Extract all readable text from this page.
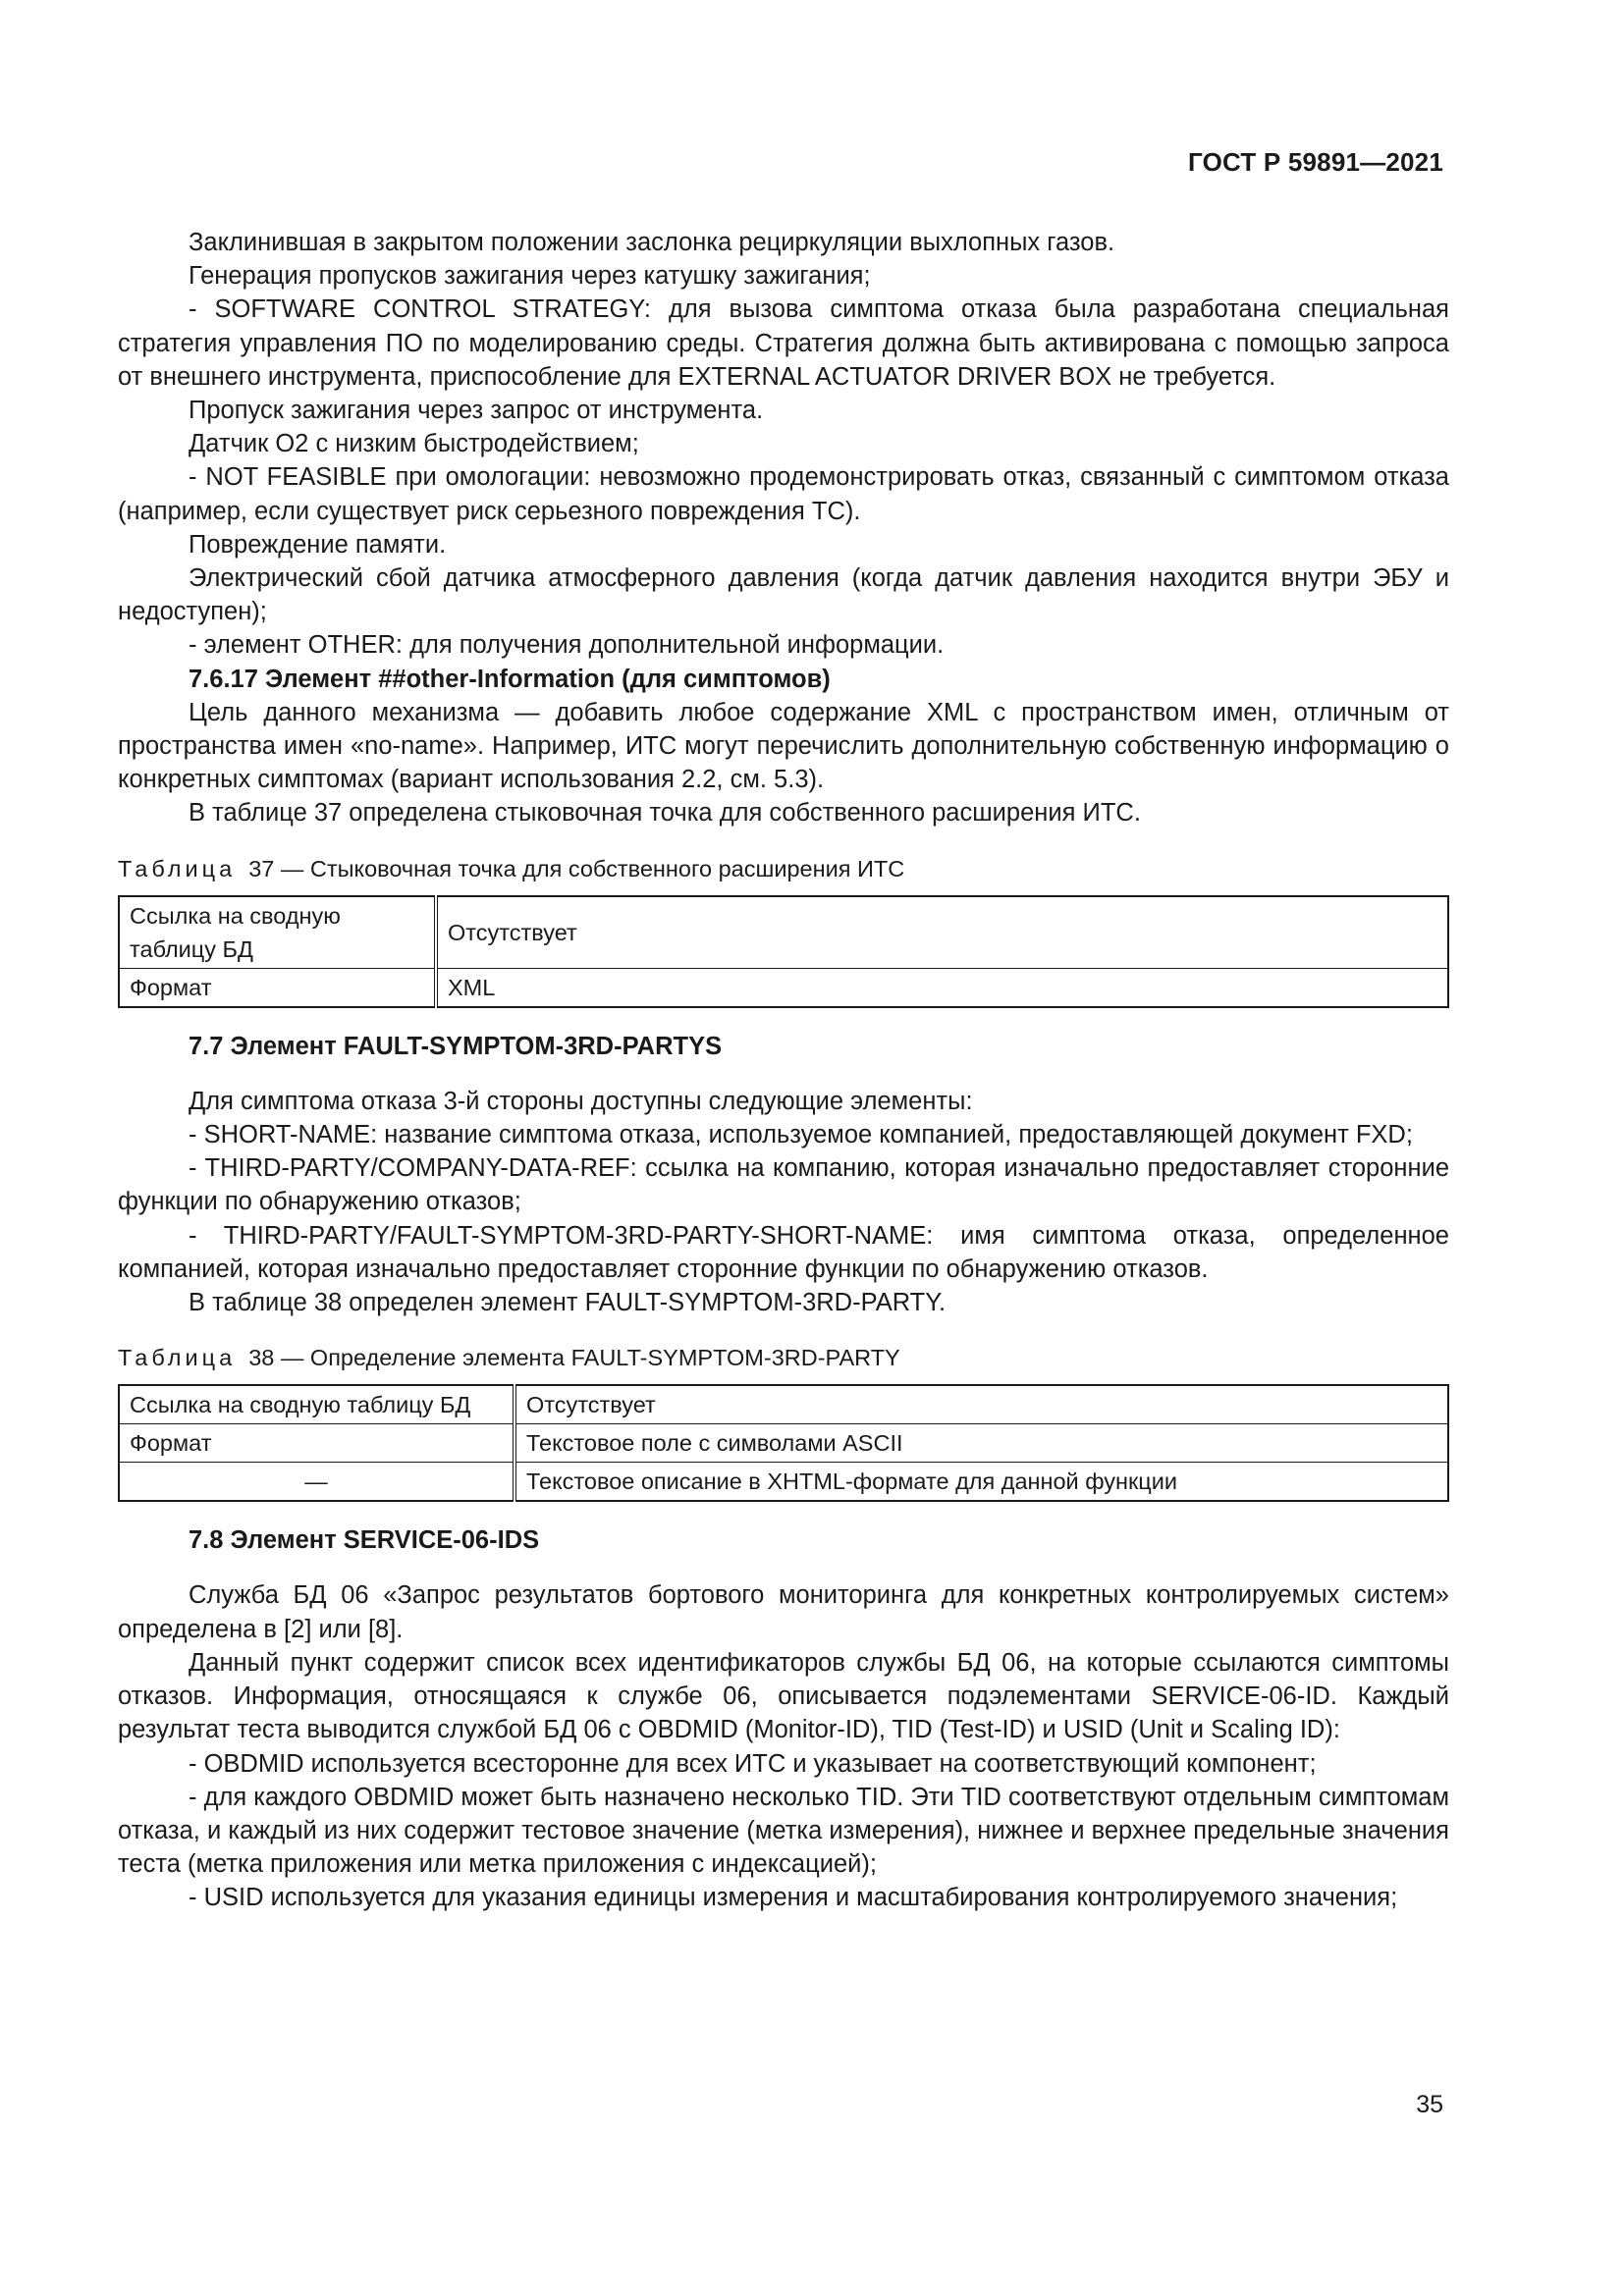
ГОСТ Р 59891—2021

Заклинившая в закрытом положении заслонка рециркуляции выхлопных газов.

Генерация пропусков зажигания через катушку зажигания;

- SOFTWARE CONTROL STRATEGY: для вызова симптома отказа была разработана специальная стратегия управления ПО по моделированию среды. Стратегия должна быть активирована с помощью запроса от внешнего инструмента, приспособление для EXTERNAL ACTUATOR DRIVER BOX не требуется.

Пропуск зажигания через запрос от инструмента.

Датчик O2 с низким быстродействием;

- NOT FEASIBLE при омологации: невозможно продемонстрировать отказ, связанный с симптомом отказа (например, если существует риск серьезного повреждения ТС).

Повреждение памяти.

Электрический сбой датчика атмосферного давления (когда датчик давления находится внутри ЭБУ и недоступен);

- элемент OTHER: для получения дополнительной информации.

7.6.17 Элемент ##other-Information (для симптомов)

Цель данного механизма — добавить любое содержание XML с пространством имен, отличным от пространства имен «no-name». Например, ИТС могут перечислить дополнительную собственную информацию о конкретных симптомах (вариант использования 2.2, см. 5.3).

В таблице 37 определена стыковочная точка для собственного расширения ИТС.

Таблица 37 — Стыковочная точка для собственного расширения ИТС
Ссылка на сводную таблицу БД	Отсутствует
Формат	XML

7.7 Элемент FAULT-SYMPTOM-3RD-PARTYS

Для симптома отказа 3-й стороны доступны следующие элементы:

- SHORT-NAME: название симптома отказа, используемое компанией, предоставляющей документ FXD;

- THIRD-PARTY/COMPANY-DATA-REF: ссылка на компанию, которая изначально предоставляет сторонние функции по обнаружению отказов;

- THIRD-PARTY/FAULT-SYMPTOM-3RD-PARTY-SHORT-NAME: имя симптома отказа, определенное компанией, которая изначально предоставляет сторонние функции по обнаружению отказов.

В таблице 38 определен элемент FAULT-SYMPTOM-3RD-PARTY.

Таблица 38 — Определение элемента FAULT-SYMPTOM-3RD-PARTY
Ссылка на сводную таблицу БД	Отсутствует
Формат	Текстовое поле с символами ASCII
—	Текстовое описание в XHTML-формате для данной функции

7.8 Элемент SERVICE-06-IDS

Служба БД 06 «Запрос результатов бортового мониторинга для конкретных контролируемых систем» определена в [2] или [8].

Данный пункт содержит список всех идентификаторов службы БД 06, на которые ссылаются симптомы отказов. Информация, относящаяся к службе 06, описывается подэлементами SERVICE-06-ID. Каждый результат теста выводится службой БД 06 с OBDMID (Monitor-ID), TID (Test-ID) и USID (Unit и Scaling ID):

- OBDMID используется всесторонне для всех ИТС и указывает на соответствующий компонент;

- для каждого OBDMID может быть назначено несколько TID. Эти TID соответствуют отдельным симптомам отказа, и каждый из них содержит тестовое значение (метка измерения), нижнее и верхнее предельные значения теста (метка приложения или метка приложения с индексацией);

- USID используется для указания единицы измерения и масштабирования контролируемого значения;

35
